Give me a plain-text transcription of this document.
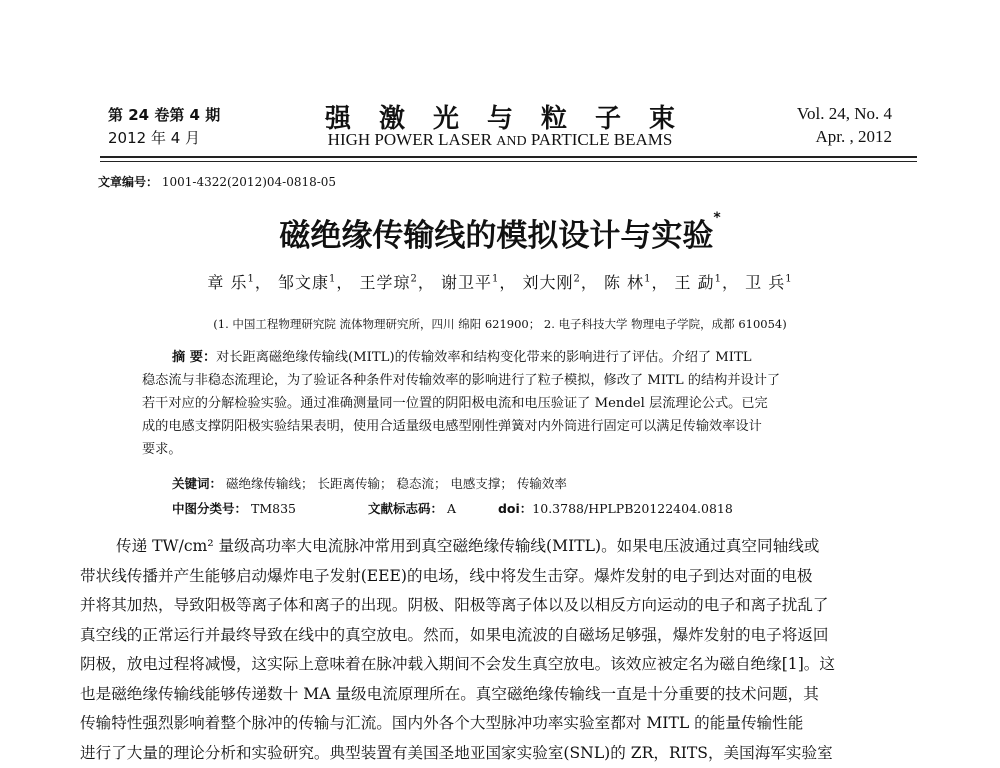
第 24 卷第 4 期
2012 年 4 月
强激光与粒子束
HIGH POWER LASER AND PARTICLE BEAMS
Vol. 24, No. 4
Apr. , 2012
文章编号： 1001-4322(2012)04-0818-05
磁绝缘传输线的模拟设计与实验*
章 乐$^1$， 邹文康$^1$， 王学琼$^2$， 谢卫平$^1$， 刘大刚$^2$， 陈 林$^1$， 王 勐$^1$， 卫 兵$^1$
(1. 中国工程物理研究院 流体物理研究所，四川 绵阳 621900； 2. 电子科技大学 物理电子学院，成都 610054)
摘 要：对长距离磁绝缘传输线(MITL)的传输效率和结构变化带来的影响进行了评估。介绍了 MITL
稳态流与非稳态流理论，为了验证各种条件对传输效率的影响进行了粒子模拟，修改了 MITL 的结构并设计了
若干对应的分解检验实验。通过准确测量同一位置的阴阳极电流和电压验证了 Mendel 层流理论公式。已完
成的电感支撑阴阳极实验结果表明，使用合适量级电感型刚性弹簧对内外筒进行固定可以满足传输效率设计
要求。
关键词： 磁绝缘传输线； 长距离传输； 稳态流； 电感支撑； 传输效率
中图分类号： TM835	文献标志码： A	doi：10.3788/HPLPB20122404.0818
传递 TW/cm² 量级高功率大电流脉冲常用到真空磁绝缘传输线(MITL)。如果电压波通过真空同轴线或
带状线传播并产生能够启动爆炸电子发射(EEE)的电场，线中将发生击穿。爆炸发射的电子到达对面的电极
并将其加热，导致阳极等离子体和离子的出现。阴极、阳极等离子体以及以相反方向运动的电子和离子扰乱了
真空线的正常运行并最终导致在线中的真空放电。然而，如果电流波的自磁场足够强，爆炸发射的电子将返回
阴极，放电过程将减慢，这实际上意味着在脉冲载入期间不会发生真空放电。该效应被定名为磁自绝缘[1]。这
也是磁绝缘传输线能够传递数十 MA 量级电流原理所在。真空磁绝缘传输线一直是十分重要的技术问题，其
传输特性强烈影响着整个脉冲的传输与汇流。国内外各个大型脉冲功率实验室都对 MITL 的能量传输性能
进行了大量的理论分析和实验研究。典型装置有美国圣地亚国家实验室(SNL)的 ZR，RITS，美国海军实验室
